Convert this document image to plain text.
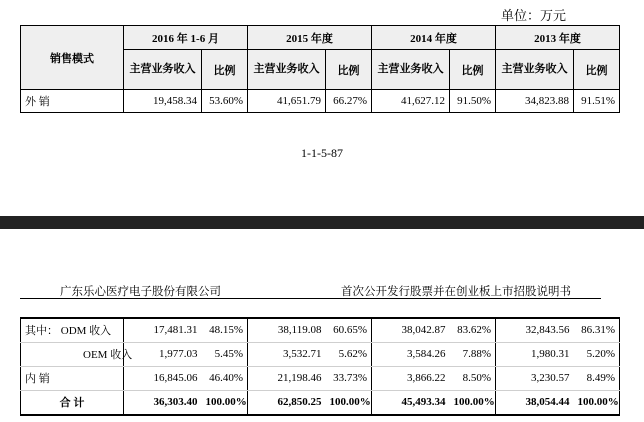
单位：万元
销售模式	2016 年 1-6 月		2015 年度		2014 年度		2013 年度	
	主营业务收入	比例	主营业务收入	比例	主营业务收入	比例	主营业务收入	比例
外 销	19,458.34	53.60%	41,651.79	66.27%	41,627.12	91.50%	34,823.88	91.51%
1-1-5-87
广东乐心医疗电子股份有限公司	首次公开发行股票并在创业板上市招股说明书
其中： ODM 收入	17,481.31	48.15%	38,119.08	60.65%	38,042.87	83.62%	32,843.56	86.31%
OEM 收入	1,977.03	5.45%	3,532.71	5.62%	3,584.26	7.88%	1,980.31	5.20%
内 销	16,845.06	46.40%	21,198.46	33.73%	3,866.22	8.50%	3,230.57	8.49%
合 计	36,303.40	100.00%	62,850.25	100.00%	45,493.34	100.00%	38,054.44	100.00%
